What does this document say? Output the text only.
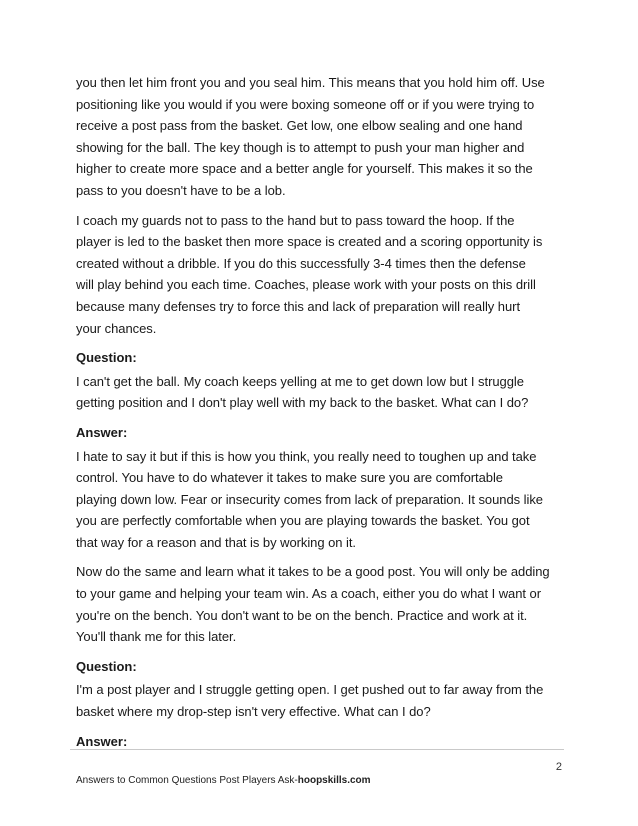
you then let him front you and you seal him. This means that you hold him off. Use
positioning like you would if you were boxing someone off or if you were trying to
receive a post pass from the basket. Get low, one elbow sealing and one hand
showing for the ball. The key though is to attempt to push your man higher and
higher to create more space and a better angle for yourself. This makes it so the
pass to you doesn't have to be a lob.

I coach my guards not to pass to the hand but to pass toward the hoop. If the
player is led to the basket then more space is created and a scoring opportunity is
created without a dribble. If you do this successfully 3-4 times then the defense
will play behind you each time. Coaches, please work with your posts on this drill
because many defenses try to force this and lack of preparation will really hurt
your chances.

Question:

I can't get the ball. My coach keeps yelling at me to get down low but I struggle
getting position and I don't play well with my back to the basket. What can I do?

Answer:

I hate to say it but if this is how you think, you really need to toughen up and take
control. You have to do whatever it takes to make sure you are comfortable
playing down low. Fear or insecurity comes from lack of preparation. It sounds like
you are perfectly comfortable when you are playing towards the basket. You got
that way for a reason and that is by working on it.

Now do the same and learn what it takes to be a good post. You will only be adding
to your game and helping your team win. As a coach, either you do what I want or
you're on the bench. You don't want to be on the bench. Practice and work at it.
You'll thank me for this later.

Question:

I'm a post player and I struggle getting open. I get pushed out to far away from the
basket where my drop-step isn't very effective. What can I do?

Answer:

2
Answers to Common Questions Post Players Ask-hoopskills.com
